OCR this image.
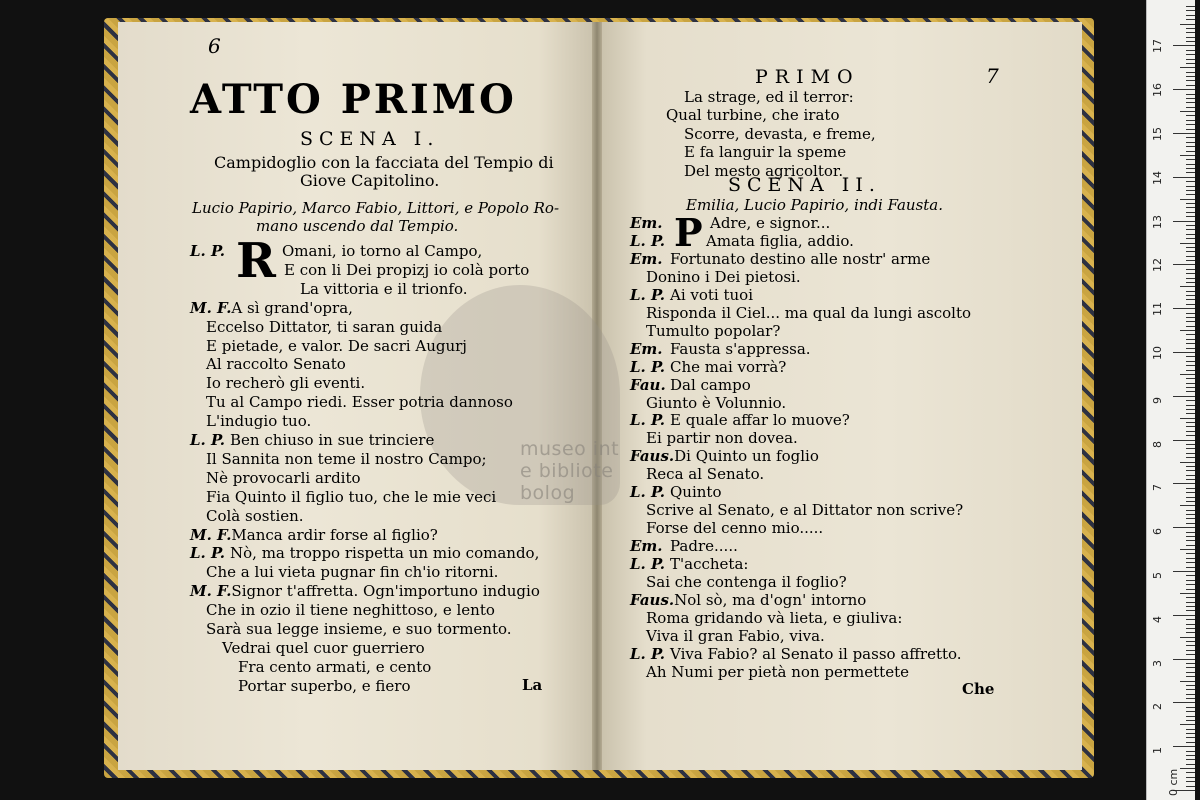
museo int
e bibliote
bolog
6
ATTO PRIMO
SCENA I.
Campidoglio con la facciata del Tempio di
Giove Capitolino.
Lucio Papirio, Marco Fabio, Littori, e Popolo Ro-
mano uscendo dal Tempio.
R
L. P.	Omani, io torno al Campo,
E con li Dei propizj io colà porto
La vittoria e il trionfo.
M. F.A sì grand'opra,
Eccelso Dittator, ti saran guida
E pietade, e valor. De sacri Augurj
Al raccolto Senato
Io recherò gli eventi.
Tu al Campo riedi. Esser potria dannoso
L'indugio tuo.
L. P. Ben chiuso in sue trinciere
Il Sannita non teme il nostro Campo;
Nè provocarli ardito
Fia Quinto il figlio tuo, che le mie veci
Colà sostien.
M. F.Manca ardir forse al figlio?
L. P. Nò, ma troppo rispetta un mio comando,
Che a lui vieta pugnar fin ch'io ritorni.
M. F.Signor t'affretta. Ogn'importuno indugio
Che in ozio il tiene neghittoso, e lento
Sarà sua legge insieme, e suo tormento.
Vedrai quel cuor guerriero
Fra cento armati, e cento
Portar superbo, e fiero	La
PRIMO	7
La strage, ed il terror:
Qual turbine, che irato
Scorre, devasta, e freme,
E fa languir la speme
Del mesto agricoltor.
SCENA II.
Emilia, Lucio Papirio, indi Fausta.
P
Em.	Adre, e signor...
L. P.	Amata figlia, addio.
Em. Fortunato destino alle nostr' arme
Donino i Dei pietosi.
L. P. Ai voti tuoi
Risponda il Ciel... ma qual da lungi ascolto
Tumulto popolar?
Em. Fausta s'appressa.
L. P. Che mai vorrà?
Fau. Dal campo
Giunto è Volunnio.
L. P. E quale affar lo muove?
Ei partir non dovea.
Faus.Di Quinto un foglio
Reca al Senato.
L. P. Quinto
Scrive al Senato, e al Dittator non scrive?
Forse del cenno mio.....
Em. Padre.....
L. P. T'accheta:
Sai che contenga il foglio?
Faus.Nol sò, ma d'ogn' intorno
Roma gridando và lieta, e giuliva:
Viva il gran Fabio, viva.
L. P. Viva Fabio? al Senato il passo affretto.
Ah Numi per pietà non permettete
Che
1
2
3
4
5
6
7
8
9
10
11
12
13
14
15
16
17
0 cm
